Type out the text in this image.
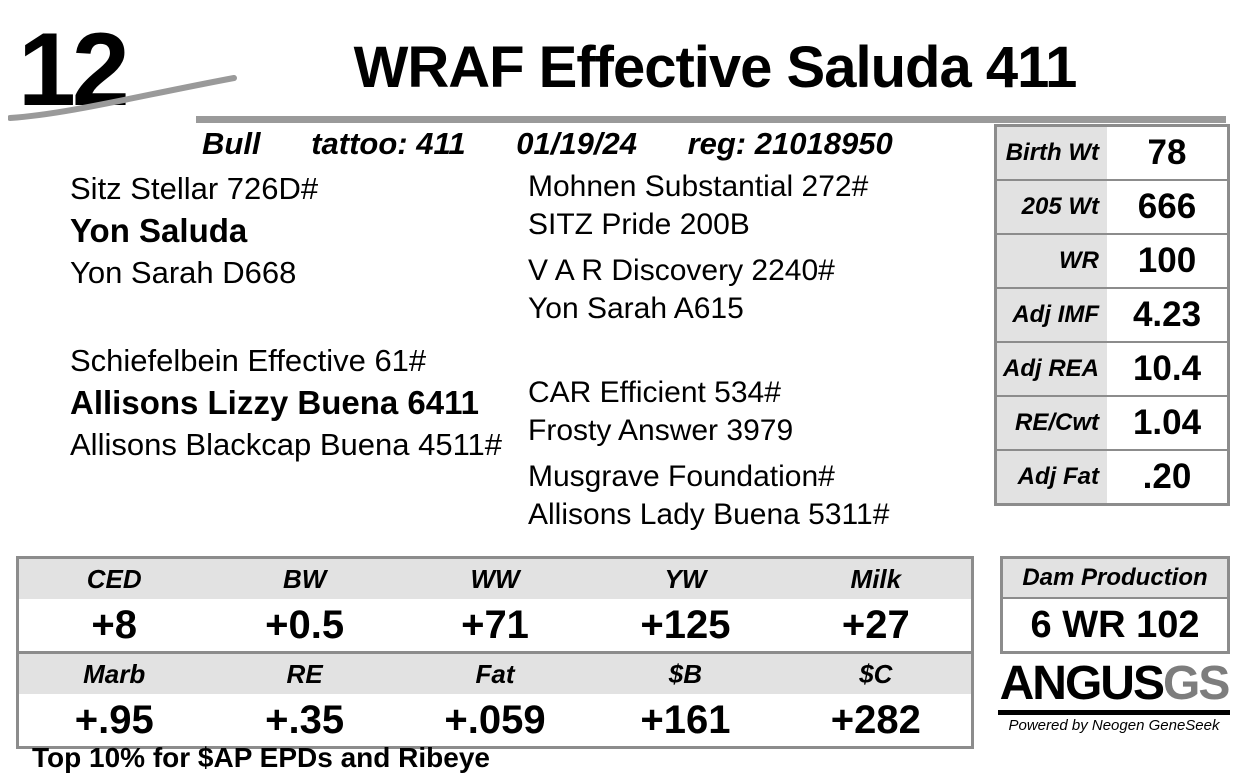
12	WRAF Effective Saluda 411
Bull tattoo: 411 01/19/24 reg: 21018950
Sitz Stellar 726D#
Yon Saluda
Yon Sarah D668
Schiefelbein Effective 61#
Allisons Lizzy Buena 6411
Allisons Blackcap Buena 4511#
Mohnen Substantial 272#
SITZ Pride 200B
V A R Discovery 2240#
Yon Sarah A615
CAR Efficient 534#
Frosty Answer 3979
Musgrave Foundation#
Allisons Lady Buena 5311#
Birth Wt	78
205 Wt	666
WR	100
Adj IMF 4.23
Adj REA 10.4
RE/Cwt 1.04
Adj Fat	.20
CED	BW	WW	YW	Milk
+8	+0.5	+71	+125	+27
Marb	RE	Fat	$B	$C
+.95	+.35	+.059	+161	+282
Dam Production
6 WR 102
ANGUSGS
Powered by Neogen GeneSeek
Top 10% for $AP EPDs and Ribeye
